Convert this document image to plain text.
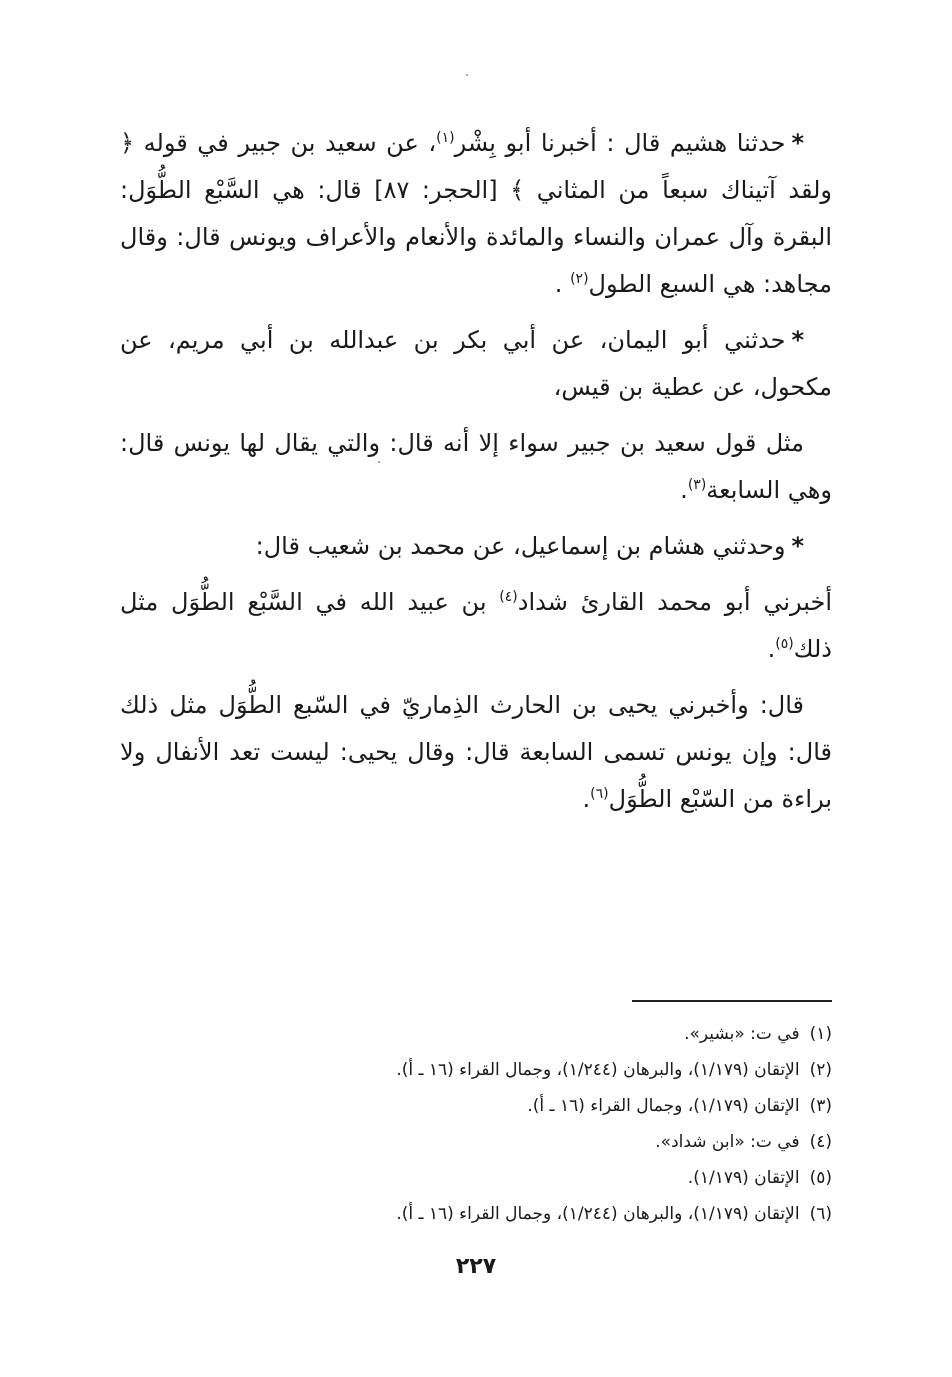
*حدثنا هشيم قال : أخبرنا أبو بِشْر$^{(١)}$، عن سعيد بن جبير في قوله ﴿ ولقد آتيناك سبعاً من المثاني ﴾ [الحجر: ٨٧] قال: هي السَّبْع الطُّوَل: البقرة وآل عمران والنساء والمائدة والأنعام والأعراف ويونس قال: وقال مجاهد: هي السبع الطول$^{(٢)}$ .

*حدثني أبو اليمان، عن أبي بكر بن عبدالله بن أبي مريم، عن مكحول، عن عطية بن قيس،

مثل قول سعيد بن جبير سواء إلا أنه قال: والتي يقال لها يونس قال: وهي السابعة$^{(٣)}$.

*وحدثني هشام بن إسماعيل، عن محمد بن شعيب قال:

أخبرني أبو محمد القارئ شداد$^{(٤)}$ بن عبيد الله في السَّبْع الطُّوَل مثل ذلك$^{(٥)}$.

قال: وأخبرني يحيى بن الحارث الذِماريّ في السّبع الطُّوَل مثل ذلك قال: وإن يونس تسمى السابعة قال: وقال يحيى: ليست تعد الأنفال ولا براءة من السّبْع الطُّوَل$^{(٦)}$.

(١)في ت: «بشير».

(٢)الإتقان (١/١٧٩)، والبرهان (١/٢٤٤)، وجمال القراء (١٦ ـ أ).

(٣)الإتقان (١/١٧٩)، وجمال القراء (١٦ ـ أ).

(٤)في ت: «ابن شداد».

(٥)الإتقان (١/١٧٩).

(٦)الإتقان (١/١٧٩)، والبرهان (١/٢٤٤)، وجمال القراء (١٦ ـ أ).

٢٢٧
